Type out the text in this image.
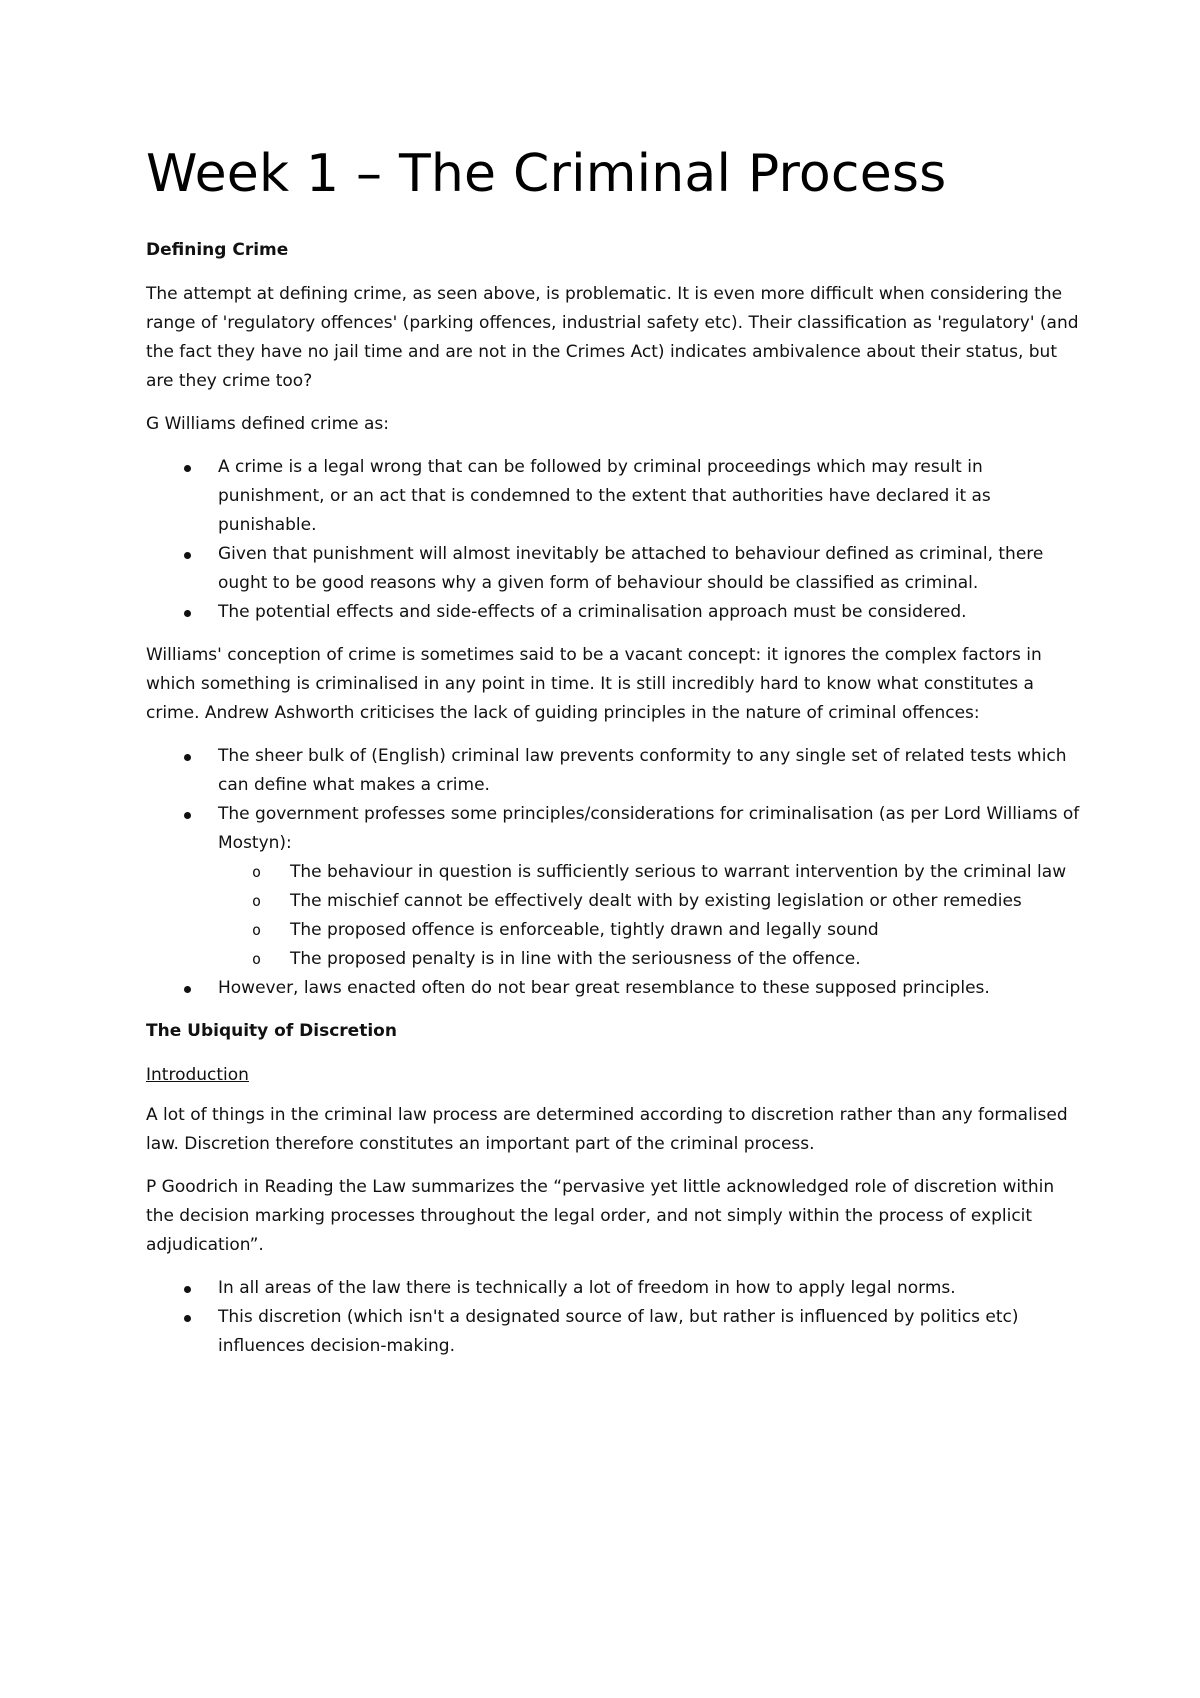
Week 1 – The Criminal Process
Defining Crime

The attempt at defining crime, as seen above, is problematic. It is even more difficult when considering the range of 'regulatory offences' (parking offences, industrial safety etc). Their classification as 'regulatory' (and the fact they have no jail time and are not in the Crimes Act) indicates ambivalence about their status, but are they crime too?

G Williams defined crime as:

A crime is a legal wrong that can be followed by criminal proceedings which may result in punishment, or an act that is condemned to the extent that authorities have declared it as punishable.
Given that punishment will almost inevitably be attached to behaviour defined as criminal, there ought to be good reasons why a given form of behaviour should be classified as criminal.
The potential effects and side-effects of a criminalisation approach must be considered.

Williams' conception of crime is sometimes said to be a vacant concept: it ignores the complex factors in which something is criminalised in any point in time. It is still incredibly hard to know what constitutes a crime. Andrew Ashworth criticises the lack of guiding principles in the nature of criminal offences:

The sheer bulk of (English) criminal law prevents conformity to any single set of related tests which can define what makes a crime.
The government professes some principles/considerations for criminalisation (as per Lord Williams of Mostyn):
o The behaviour in question is sufficiently serious to warrant intervention by the criminal law
o The mischief cannot be effectively dealt with by existing legislation or other remedies
o The proposed offence is enforceable, tightly drawn and legally sound
o The proposed penalty is in line with the seriousness of the offence.
However, laws enacted often do not bear great resemblance to these supposed principles.
The Ubiquity of Discretion
Introduction

A lot of things in the criminal law process are determined according to discretion rather than any formalised law. Discretion therefore constitutes an important part of the criminal process.

P Goodrich in Reading the Law summarizes the “pervasive yet little acknowledged role of discretion within the decision marking processes throughout the legal order, and not simply within the process of explicit adjudication”.

In all areas of the law there is technically a lot of freedom in how to apply legal norms.
This discretion (which isn't a designated source of law, but rather is influenced by politics etc) influences decision-making.
